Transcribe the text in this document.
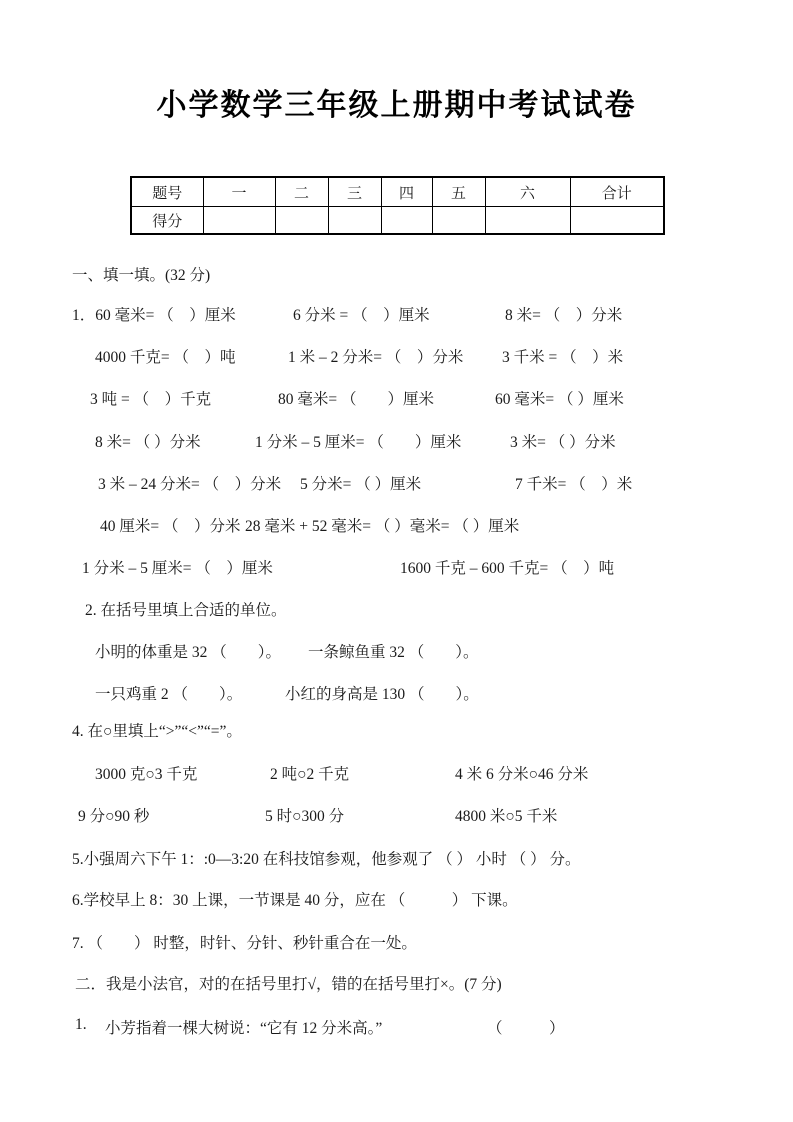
小学数学三年级上册期中考试试卷
题号	一	二	三	四	五	六	合计
得分							
一、填一填。(32 分)
1．60 毫米= （　）厘米	6 分米 = （　）厘米	8 米= （　）分米
4000 千克= （　）吨	1 米 – 2 分米= （　）分米 3 千米 = （　）米
3 吨 = （　）千克	80 毫米= （　　）厘米	60 毫米= （ ）厘米
8 米= （ ）分米	1 分米 – 5 厘米= （　　）厘米	3 米= （ ）分米
3 米 – 24 分米= （　）分米 5 分米= （ ）厘米	7 千米= （　）米
40 厘米= （　）分米 28 毫米 + 52 毫米= （ ）毫米= （ ）厘米
1 分米 – 5 厘米= （　）厘米	1600 千克 – 600 千克= （　）吨
2. 在括号里填上合适的单位。
小明的体重是 32 （　　）。 一条鲸鱼重 32 （　　）。
一只鸡重 2 （　　）。	小红的身高是 130 （　　）。
4. 在○里填上“>”“<”“=”。
3000 克○3 千克	2 吨○2 千克	4 米 6 分米○46 分米
9 分○90 秒	5 时○300 分	4800 米○5 千米
5.小强周六下午 1：:0—3:20 在科技馆参观，他参观了 （ ） 小时 （ ） 分。
6.学校早上 8：30 上课，一节课是 40 分，应在 （　　　） 下课。
7. （　　） 时整，时针、分针、秒针重合在一处。
二．我是小法官，对的在括号里打√，错的在括号里打×。(7 分)
1. 小芳指着一棵大树说：“它有 12 分米高。”	（　　　）
